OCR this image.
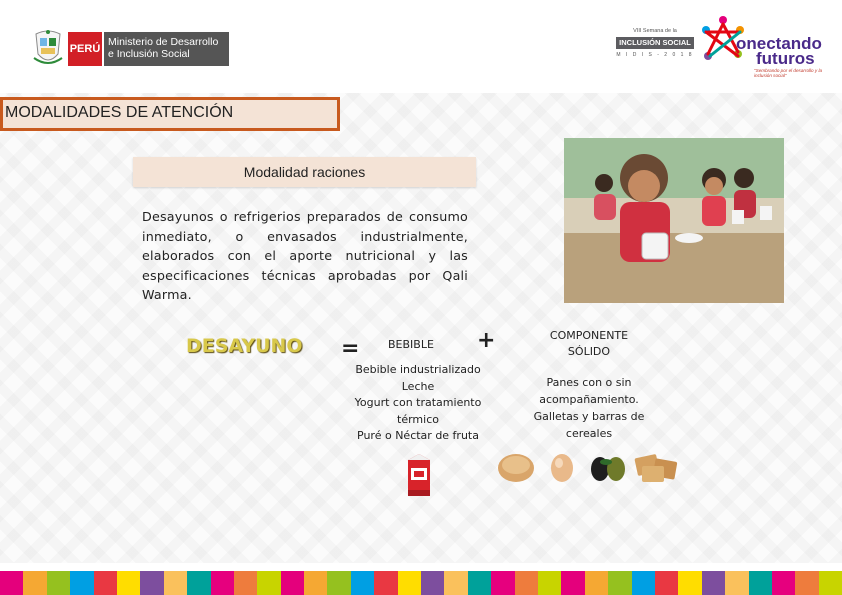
PERÚ
Ministerio de Desarrollo
e Inclusión Social
VIII Semana de la
INCLUSIÓN SOCIAL
M I D I S - 2 0 1 8
onectando
futuros
"Sembrando por el desarrollo y la inclusión social"
MODALIDADES DE ATENCIÓN
Modalidad raciones
Desayunos o refrigerios preparados de consumo inmediato, o envasados industrialmente, elaborados con el aporte nutricional y las especificaciones técnicas aprobadas por Qali Warma.
DESAYUNO =	BEBIBLE +
Bebible industrializado
Leche
Yogurt con tratamiento
térmico
Puré o Néctar de fruta
COMPONENTE
SÓLIDO
Panes con o sin
acompañamiento.
Galletas y barras de
cereales
